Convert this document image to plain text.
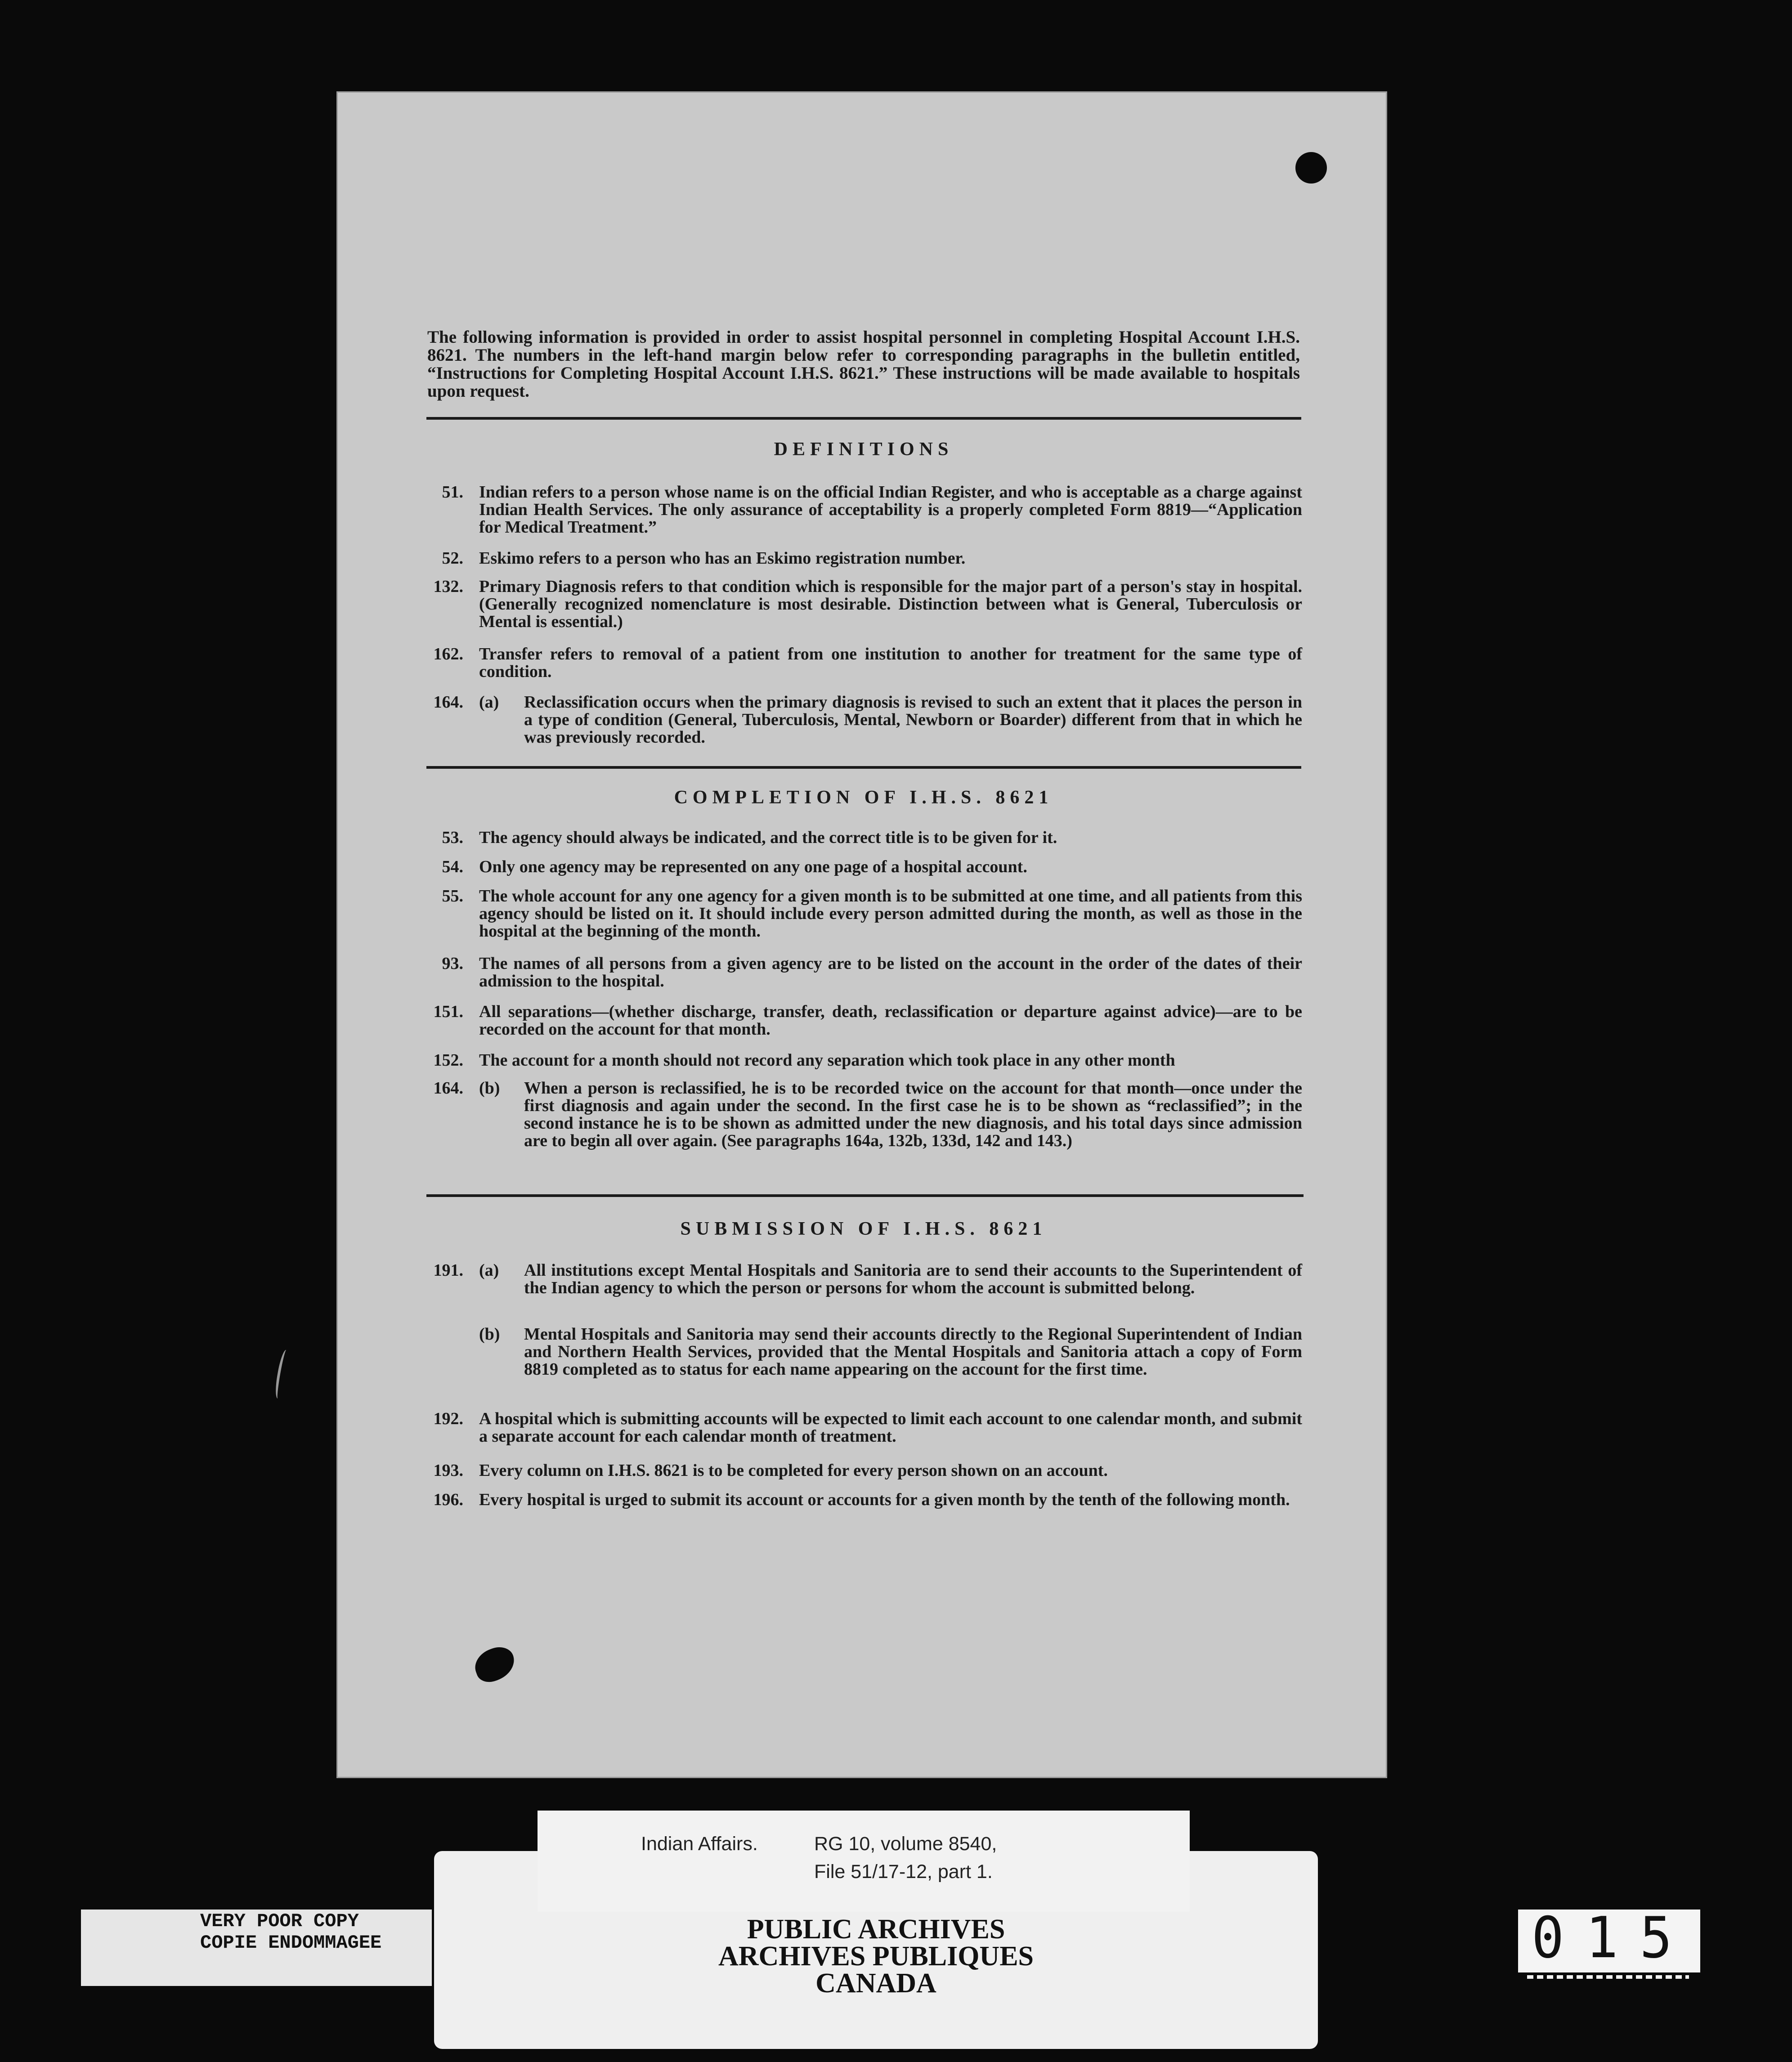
The following information is provided in order to assist hospital personnel in completing Hospital Account I.H.S. 8621. The numbers in the left-hand margin below refer to corresponding paragraphs in the bulletin entitled, “Instructions for Completing Hospital Account I.H.S. 8621.” These instructions will be made available to hospitals upon request.
DEFINITIONS
51. Indian refers to a person whose name is on the official Indian Register, and who is acceptable as a charge against Indian Health Services. The only assurance of acceptability is a properly completed Form 8819—“Application for Medical Treatment.”
52. Eskimo refers to a person who has an Eskimo registration number.
132. Primary Diagnosis refers to that condition which is responsible for the major part of a person's stay in hospital. (Generally recognized nomenclature is most desirable. Distinction between what is General, Tuberculosis or Mental is essential.)
162. Transfer refers to removal of a patient from one institution to another for treatment for the same type of condition.
164. (a)	Reclassification occurs when the primary diagnosis is revised to such an extent that it places the person in a type of condition (General, Tuberculosis, Mental, Newborn or Boarder) different from that in which he was previously recorded.
COMPLETION OF I.H.S. 8621
53. The agency should always be indicated, and the correct title is to be given for it.
54. Only one agency may be represented on any one page of a hospital account.
55. The whole account for any one agency for a given month is to be submitted at one time, and all patients from this agency should be listed on it. It should include every person admitted during the month, as well as those in the hospital at the beginning of the month.
93. The names of all persons from a given agency are to be listed on the account in the order of the dates of their admission to the hospital.
151. All separations—(whether discharge, transfer, death, reclassification or departure against advice)—are to be recorded on the account for that month.
152. The account for a month should not record any separation which took place in any other month
164. (b)	When a person is reclassified, he is to be recorded twice on the account for that month—once under the first diagnosis and again under the second. In the first case he is to be shown as “reclassified”; in the second instance he is to be shown as admitted under the new diagnosis, and his total days since admission are to begin all over again. (See paragraphs 164a, 132b, 133d, 142 and 143.)
SUBMISSION OF I.H.S. 8621
191. (a)	All institutions except Mental Hospitals and Sanitoria are to send their accounts to the Superintendent of the Indian agency to which the person or persons for whom the account is submitted belong.
(b)	Mental Hospitals and Sanitoria may send their accounts directly to the Regional Superintendent of Indian and Northern Health Services, provided that the Mental Hospitals and Sanitoria attach a copy of Form 8819 completed as to status for each name appearing on the account for the first time.
192. A hospital which is submitting accounts will be expected to limit each account to one calendar month, and submit a separate account for each calendar month of treatment.
193. Every column on I.H.S. 8621 is to be completed for every person shown on an account.
196. Every hospital is urged to submit its account or accounts for a given month by the tenth of the following month.
VERY POOR COPY
COPIE ENDOMMAGEE	PUBLIC ARCHIVES
ARCHIVES PUBLIQUES
CANADA
Indian Affairs.	RG 10, volume 8540,
File 51/17-12, part 1.
015
